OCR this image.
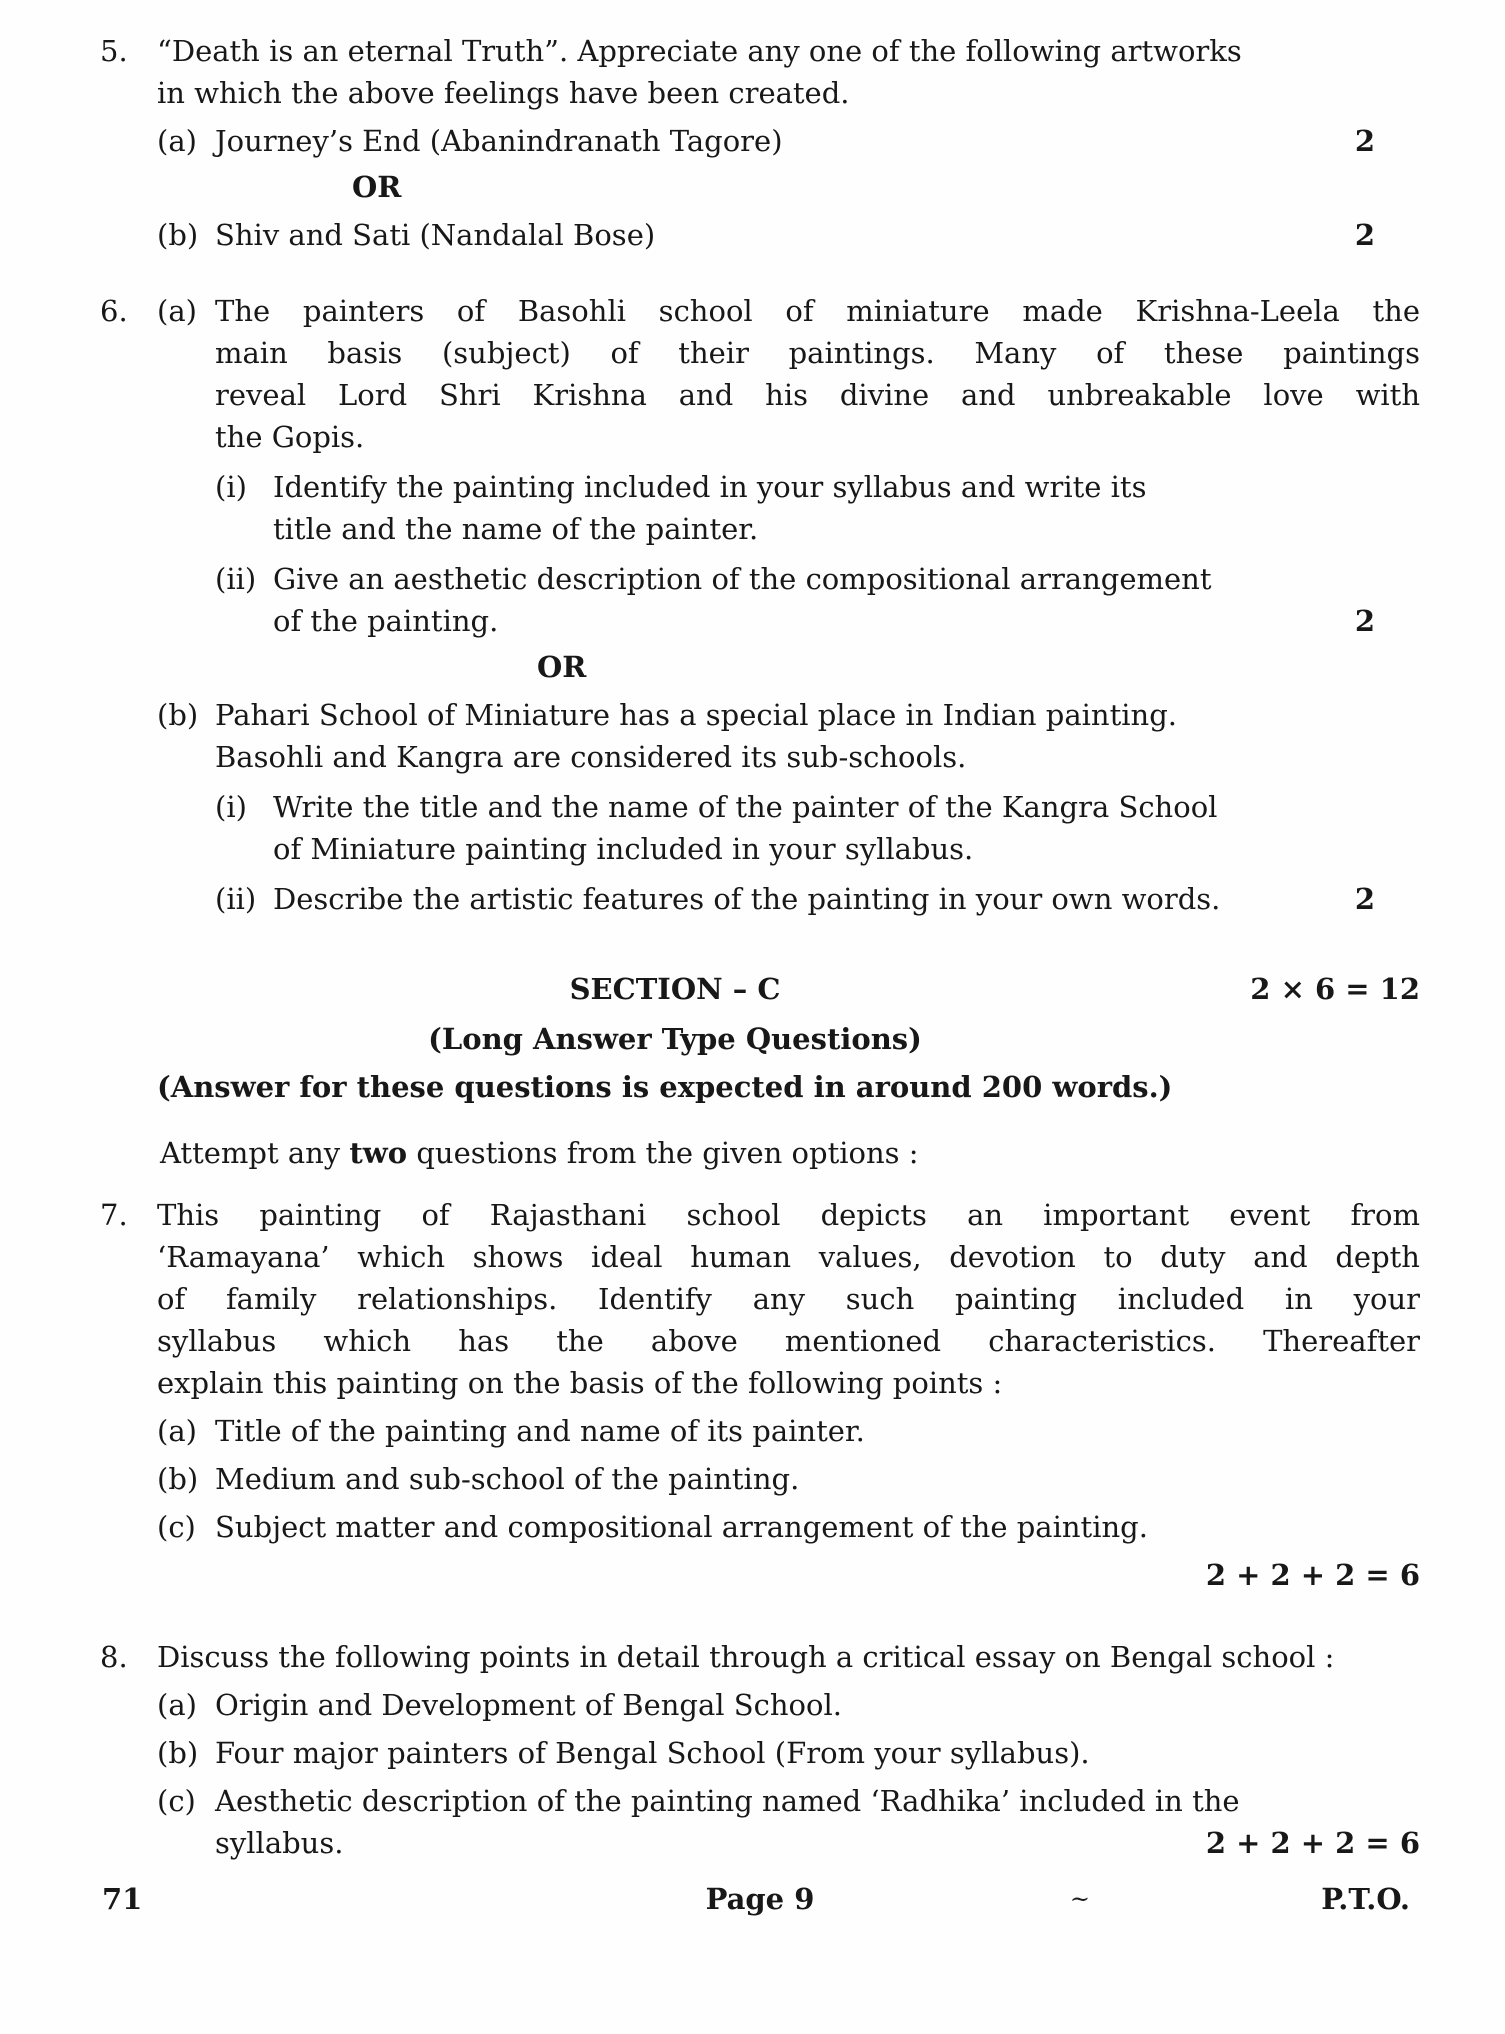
5.	“Death is an eternal Truth”. Appreciate any one of the following artworks
in which the above feelings have been created.
(a) Journey’s End (Abanindranath Tagore)	2
OR
(b) Shiv and Sati (Nandalal Bose)	2
6.	(a) The painters of Basohli school of miniature made Krishna-Leela the
main basis (subject) of their paintings. Many of these paintings
reveal Lord Shri Krishna and his divine and unbreakable love with
the Gopis.
(i) Identify the painting included in your syllabus and write its
title and the name of the painter.
(ii) Give an aesthetic description of the compositional arrangement
of the painting.	2
OR
(b) Pahari School of Miniature has a special place in Indian painting.
Basohli and Kangra are considered its sub-schools.
(i) Write the title and the name of the painter of the Kangra School
of Miniature painting included in your syllabus.
(ii) Describe the artistic features of the painting in your own words.	2
SECTION – C	2 × 6 = 12
(Long Answer Type Questions)
(Answer for these questions is expected in around 200 words.)
Attempt any two questions from the given options :
7.	This painting of Rajasthani school depicts an important event from
‘Ramayana’ which shows ideal human values, devotion to duty and depth
of family relationships. Identify any such painting included in your
syllabus which has the above mentioned characteristics. Thereafter
explain this painting on the basis of the following points :
(a) Title of the painting and name of its painter.
(b) Medium and sub-school of the painting.
(c) Subject matter and compositional arrangement of the painting.
2 + 2 + 2 = 6
8.	Discuss the following points in detail through a critical essay on Bengal school :
(a) Origin and Development of Bengal School.
(b) Four major painters of Bengal School (From your syllabus).
(c) Aesthetic description of the painting named ‘Radhika’ included in the
syllabus.	2 + 2 + 2 = 6
71	Page 9	~	P.T.O.
